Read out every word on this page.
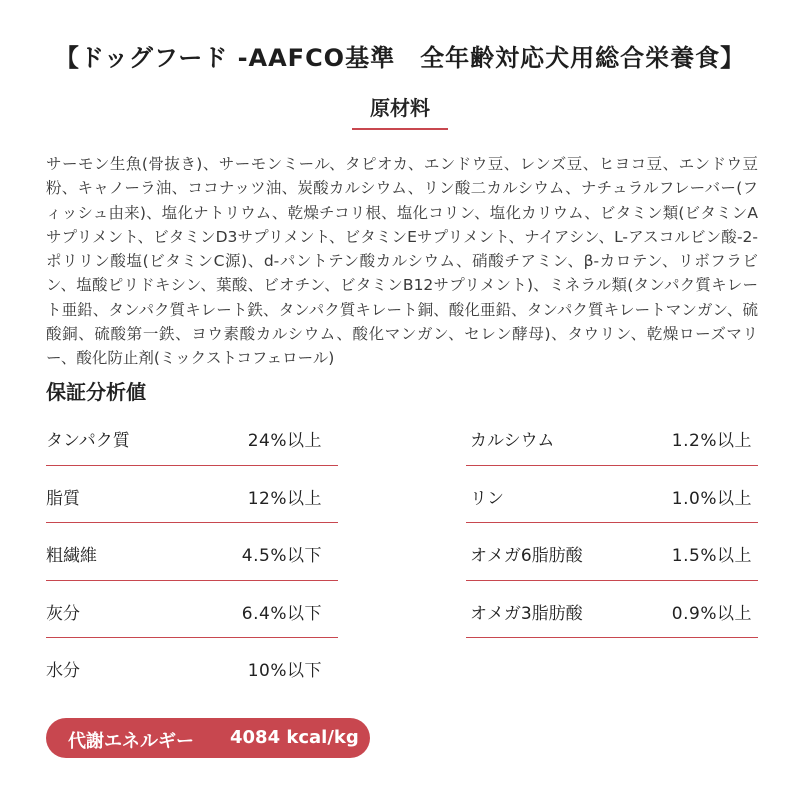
【ドッグフード -AAFCO基準　全年齢対応犬用総合栄養食】
原材料
サーモン生魚(骨抜き)、サーモンミール、タピオカ、エンドウ豆、レンズ豆、ヒヨコ豆、エンドウ豆粉、キャノーラ油、ココナッツ油、炭酸カルシウム、リン酸二カルシウム、ナチュラルフレーバー(フィッシュ由来)、塩化ナトリウム、乾燥チコリ根、塩化コリン、塩化カリウム、ビタミン類(ビタミンAサプリメント、ビタミンD3サプリメント、ビタミンEサプリメント、ナイアシン、L-アスコルビン酸-2-ポリリン酸塩(ビタミンC源)、d-パントテン酸カルシウム、硝酸チアミン、β-カロテン、リボフラビン、塩酸ピリドキシン、葉酸、ビオチン、ビタミンB12サプリメント)、ミネラル類(タンパク質キレート亜鉛、タンパク質キレート鉄、タンパク質キレート銅、酸化亜鉛、タンパク質キレートマンガン、硫酸銅、硫酸第一鉄、ヨウ素酸カルシウム、酸化マンガン、セレン酵母)、タウリン、乾燥ローズマリー、酸化防止剤(ミックストコフェロール)
保証分析値
タンパク質	24%以上	カルシウム	1.2%以上
脂質	12%以上	リン	1.0%以上
粗繊維	4.5%以下	オメガ6脂肪酸	1.5%以上
灰分	6.4%以下	オメガ3脂肪酸	0.9%以上
水分	10%以下
代謝エネルギー 4084 kcal/kg
